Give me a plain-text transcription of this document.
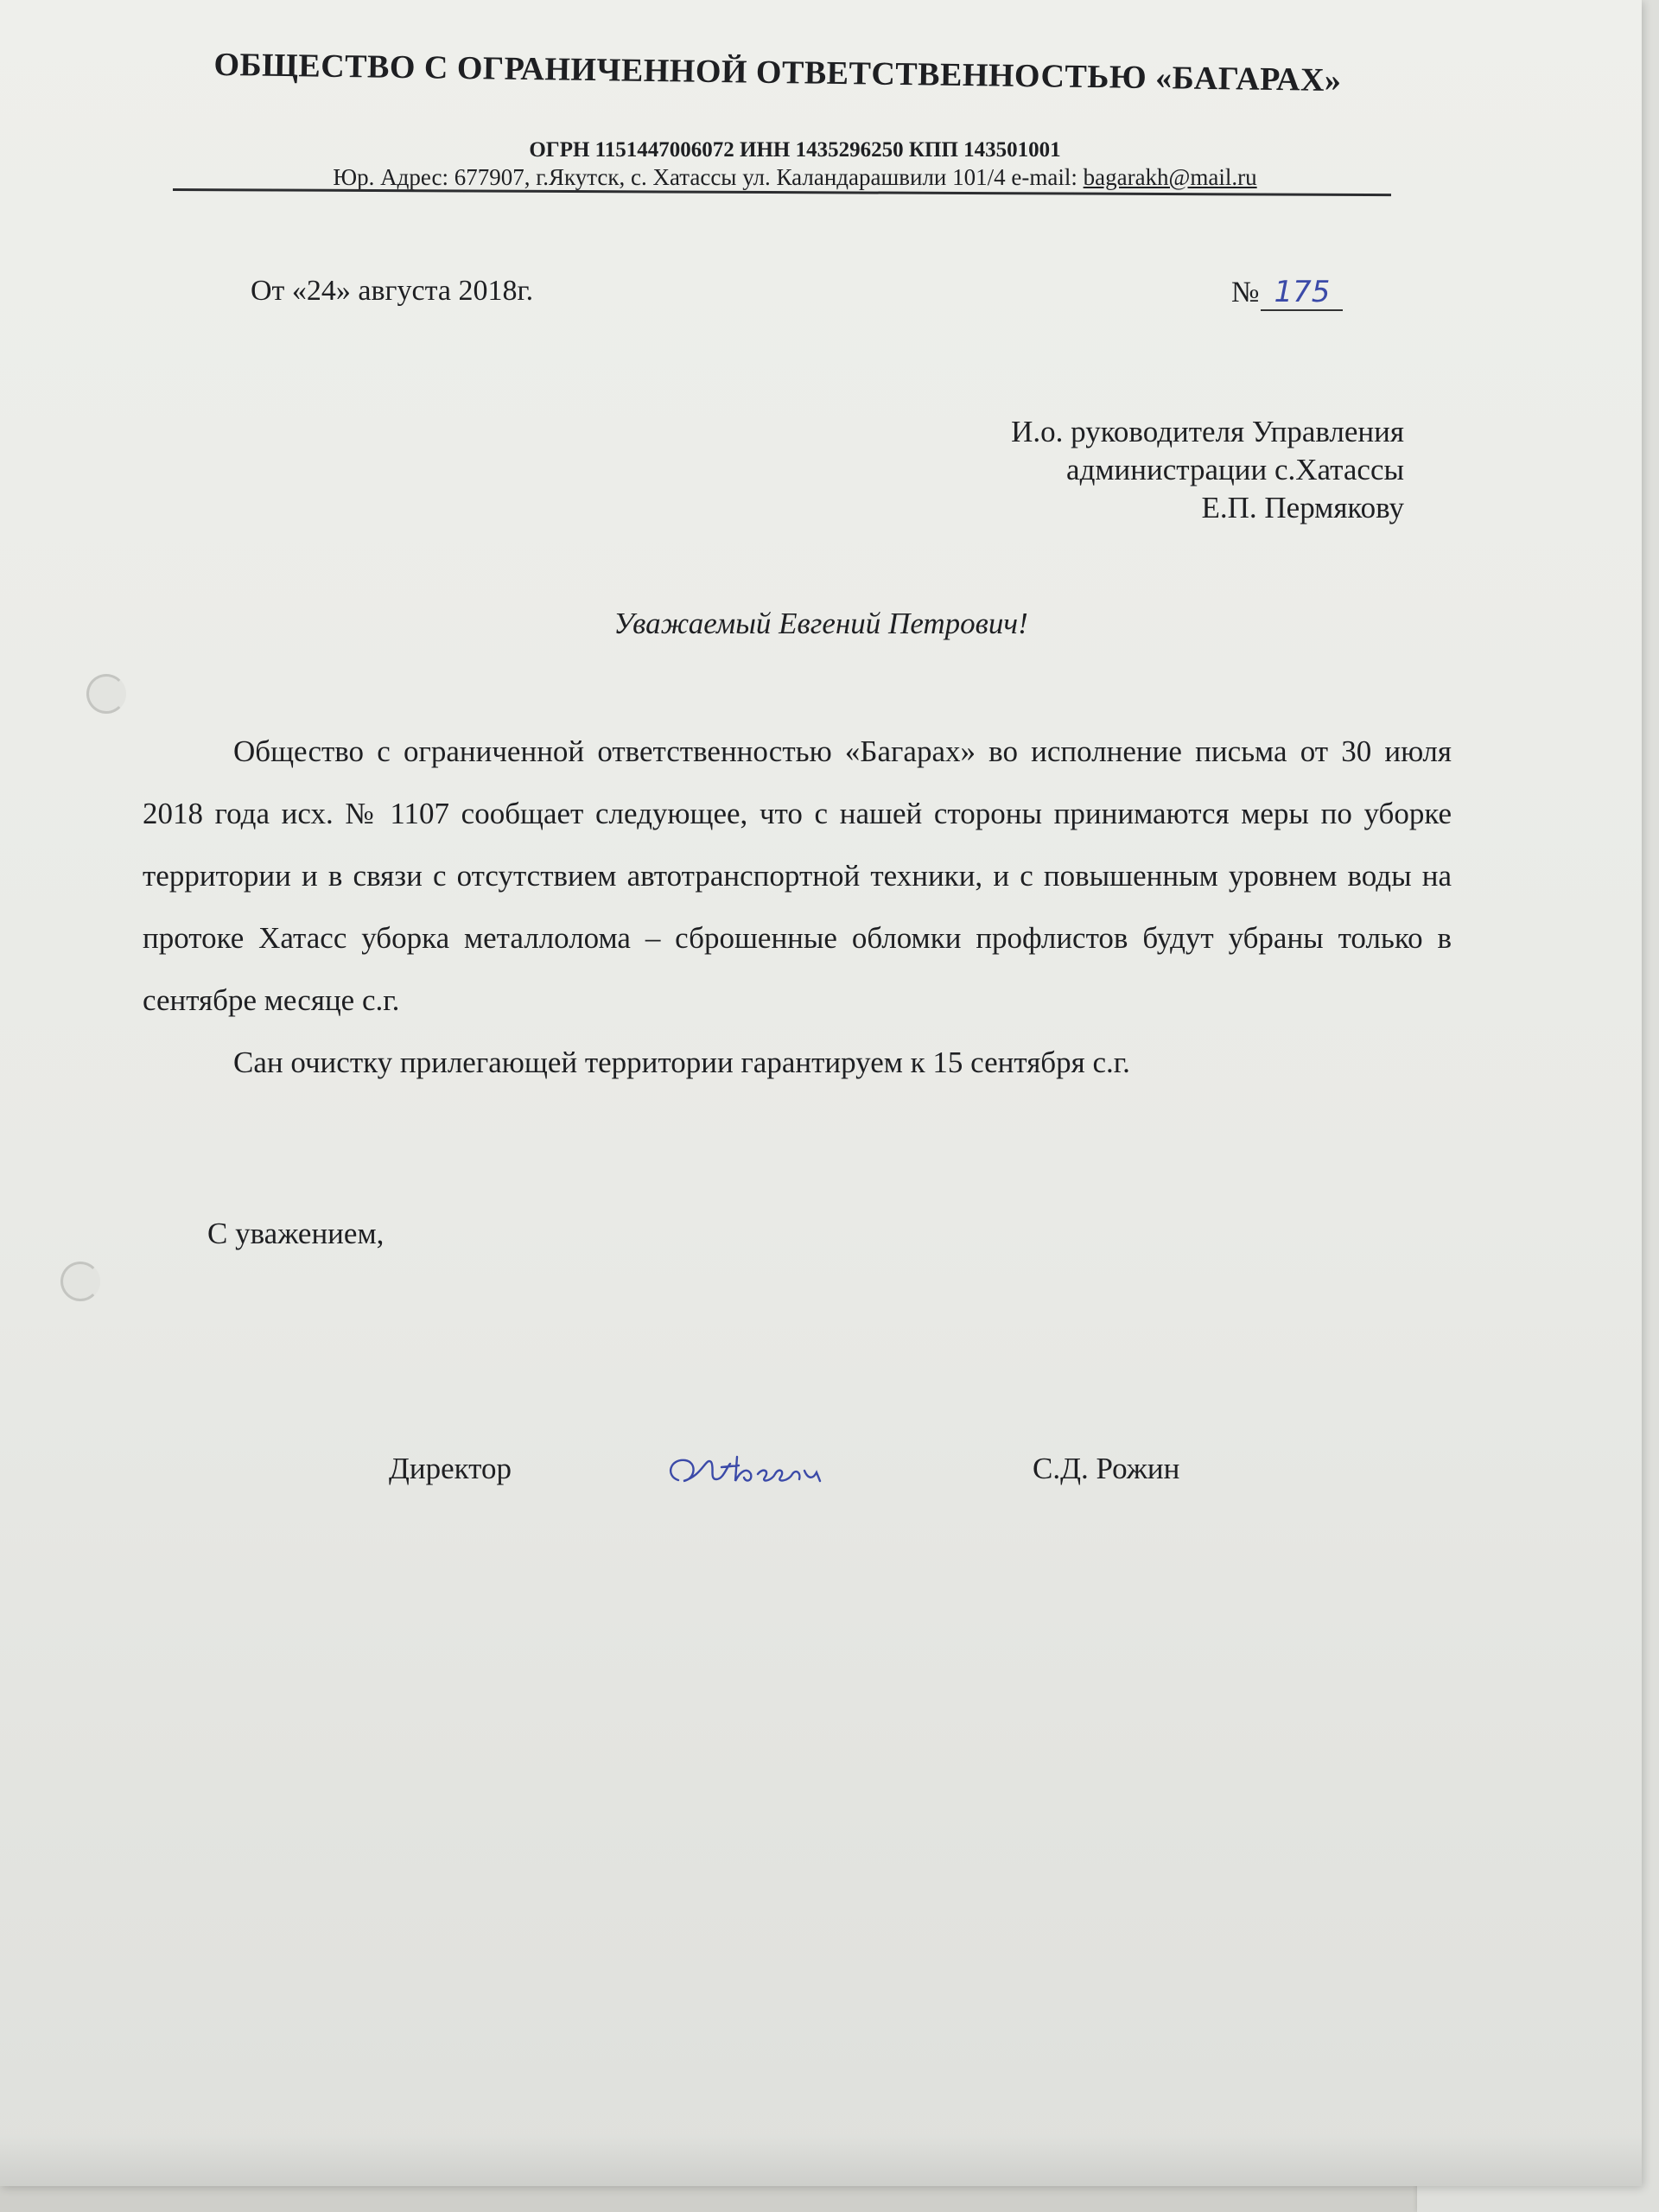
ОБЩЕСТВО С ОГРАНИЧЕННОЙ ОТВЕТСТВЕННОСТЬЮ «БАГАРАХ»
ОГРН 1151447006072 ИНН 1435296250 КПП 143501001
Юр. Адрес: 677907, г.Якутск, с. Хатассы ул. Каландарашвили 101/4 e-mail: bagarakh@mail.ru
От «24» августа 2018г.	№ 175
И.о. руководителя Управления
администрации с.Хатассы
Е.П. Пермякову
Уважаемый Евгений Петрович!

Общество с ограниченной ответственностью «Багарах» во исполнение письма от 30 июля 2018 года исх. № 1107 сообщает следующее, что с нашей стороны принимаются меры по уборке территории и в связи с отсутствием автотранспортной техники, и с повышенным уровнем воды на протоке Хатасс уборка металлолома – сброшенные обломки профлистов будут убраны только в сентябре месяце с.г.

Сан очистку прилегающей территории гарантируем к 15 сентября с.г.

С уважением,
Директор	С.Д. Рожин
